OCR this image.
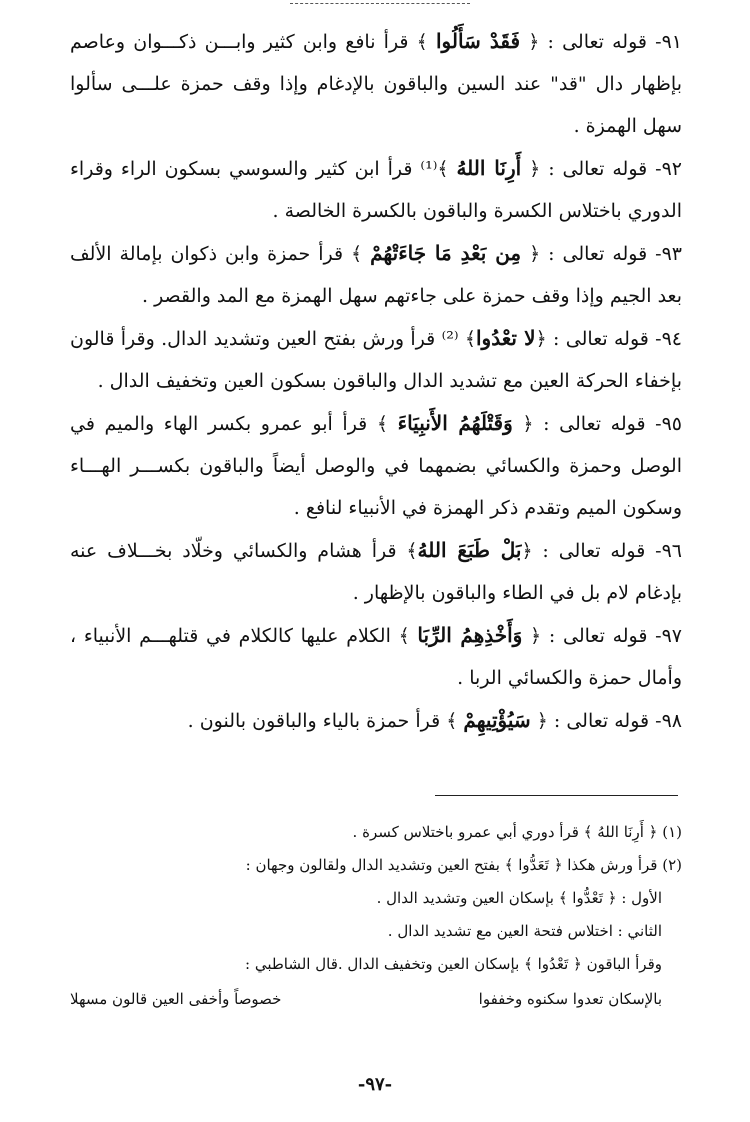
٩١- قوله تعالى : ﴿ فَقَدْ سَأَلُوا ﴾ قرأ نافع وابن كثير وابـــن ذكـــوان وعاصم بإظهار دال "قد" عند السين والباقون بالإدغام وإذا وقف حمزة علـــى سألوا سهل الهمزة .

٩٢- قوله تعالى : ﴿ أَرِنَا اللهُ ﴾⁽¹⁾ قرأ ابن كثير والسوسي بسكون الراء وقراء الدوري باختلاس الكسرة والباقون بالكسرة الخالصة .

٩٣- قوله تعالى : ﴿ مِن بَعْدِ مَا جَاءَتْهُمْ ﴾ قرأ حمزة وابن ذكوان بإمالة الألف بعد الجيم وإذا وقف حمزة على جاءتهم سهل الهمزة مع المد والقصر .

٩٤- قوله تعالى : ﴿لا تعْدُوا﴾ ⁽²⁾ قرأ ورش بفتح العين وتشديد الدال. وقرأ قالون بإخفاء الحركة العين مع تشديد الدال والباقون بسكون العين وتخفيف الدال .

٩٥- قوله تعالى : ﴿ وَقَتْلَهُمُ الأَنبِيَاءَ ﴾ قرأ أبو عمرو بكسر الهاء والميم في الوصل وحمزة والكسائي بضمهما في والوصل أيضاً والباقون بكســـر الهـــاء وسكون الميم وتقدم ذكر الهمزة في الأنبياء لنافع .

٩٦- قوله تعالى : ﴿بَلْ طَبَعَ اللهُ﴾ قرأ هشام والكسائي وخلّاد بخـــلاف عنه بإدغام لام بل في الطاء والباقون بالإظهار .

٩٧- قوله تعالى : ﴿ وَأَخْذِهِمُ الرِّبَا ﴾ الكلام عليها كالكلام في قتلهـــم الأنبياء ، وأمال حمزة والكسائي الربا .

٩٨- قوله تعالى : ﴿ سَيُؤْتِيهِمْ ﴾ قرأ حمزة بالياء والباقون بالنون .

(١) ﴿ أَرِنَا اللهُ ﴾ قرأ دوري أبي عمرو باختلاس كسرة .

(٢) قرأ ورش هكذا ﴿ تَعَدُّوا ﴾ بفتح العين وتشديد الدال ولقالون وجهان :

الأول : ﴿ تَعْدُّوا ﴾ بإسكان العين وتشديد الدال .

الثاني : اختلاس فتحة العين مع تشديد الدال .

وقرأ الباقون ﴿ تَعْدُوا ﴾ بإسكان العين وتخفيف الدال .قال الشاطبي :

بالإسكان تعدوا سكنوه وخففوا
خصوصاً وأخفى العين قالون مسهلا
-٩٧-
